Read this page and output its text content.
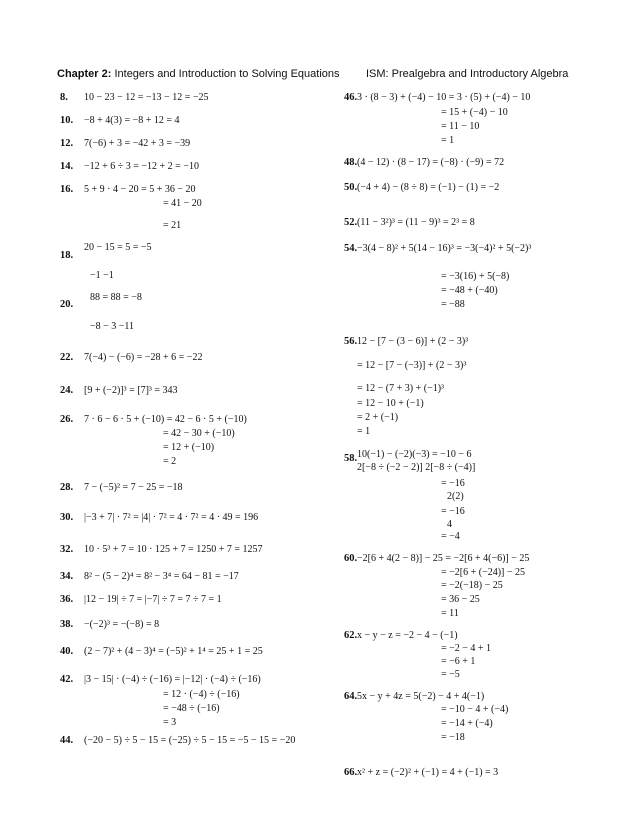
Chapter 2: Integers and Introduction to Solving Equations ISM: Prealgebra and Introductory Algebra
8. 10 − 23 − 12 = −13 − 12 = −25
10. −8 + 4(3) = −8 + 12 = 4
12. 7(−6) + 3 = −42 + 3 = −39
14. −12 + 6 ÷ 3 = −12 + 2 = −10
16. 5 + 9 · 4 − 20 = 5 + 36 − 20
= 41 − 20
= 21
18.
20 − 15 = 5 = −5
−1 −1
20.
88 = 88 = −8
−8 − 3 −11
22. 7(−4) − (−6) = −28 + 6 = −22
24. [9 + (−2)]³ = [7]³ = 343
26. 7 · 6 − 6 · 5 + (−10) = 42 − 6 · 5 + (−10)
= 42 − 30 + (−10)
= 12 + (−10)
= 2
28. 7 − (−5)² = 7 − 25 = −18
30. |−3 + 7| · 7² = |4| · 7² = 4 · 7² = 4 · 49 = 196
32. 10 · 5³ + 7 = 10 · 125 + 7 = 1250 + 7 = 1257
34. 8² − (5 − 2)⁴ = 8² − 3⁴ = 64 − 81 = −17
36. |12 − 19| ÷ 7 = |−7| ÷ 7 = 7 ÷ 7 = 1
38. −(−2)³ = −(−8) = 8
40. (2 − 7)² + (4 − 3)⁴ = (−5)² + 1⁴ = 25 + 1 = 25
42. |3 − 15| · (−4) ÷ (−16) = |−12| · (−4) ÷ (−16)
= 12 · (−4) ÷ (−16)
= −48 ÷ (−16)
= 3
44. (−20 − 5) ÷ 5 − 15 = (−25) ÷ 5 − 15 = −5 − 15 = −20
46. 3 · (8 − 3) + (−4) − 10 = 3 · (5) + (−4) − 10
= 15 + (−4) − 10
= 11 − 10
= 1
48. (4 − 12) · (8 − 17) = (−8) · (−9) = 72
50. (−4 + 4) − (8 ÷ 8) = (−1) − (1) = −2
52. (11 − 3²)³ = (11 − 9)³ = 2³ = 8
54. −3(4 − 8)² + 5(14 − 16)³ = −3(−4)² + 5(−2)³
= −3(16) + 5(−8)
= −48 + (−40)
= −88
56. 12 − [7 − (3 − 6)] + (2 − 3)³
= 12 − [7 − (−3)] + (2 − 3)³
= 12 − (7 + 3) + (−1)³
= 12 − 10 + (−1)
= 2 + (−1)
= 1
58. 10(−1) − (−2)(−3) = −10 − 6
2[−8 ÷ (−2 − 2)] 2[−8 ÷ (−4)]
= −16
2(2)
= −16
4
= −4
60. −2[6 + 4(2 − 8)] − 25 = −2[6 + 4(−6)] − 25
= −2[6 + (−24)] − 25
= −2(−18) − 25
= 36 − 25
= 11
62. x − y − z = −2 − 4 − (−1)
= −2 − 4 + 1
= −6 + 1
= −5
64. 5x − y + 4z = 5(−2) − 4 + 4(−1)
= −10 − 4 + (−4)
= −14 + (−4)
= −18
66. x² + z = (−2)² + (−1) = 4 + (−1) = 3
